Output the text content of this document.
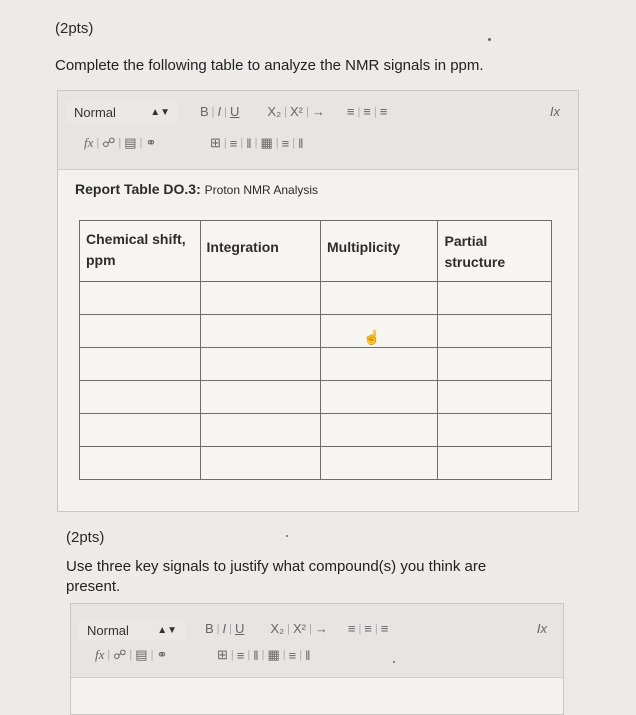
(2pts)
Complete the following table to analyze the NMR signals in ppm.
Normal	▲▼ B | I | U X₂ | X² | → ≡ | ≡ | ≡	Ix
fx | ☍ | ▤ | ⚭	⊞ | ≡ | ‖ | ▦ | ≡ | ‖
Report Table DO.3: Proton NMR Analysis
Chemical shift, ppm	Integration	Multiplicity	Partial structure

☝
(2pts)
Use three key signals to justify what compound(s) you think are present.
Normal	▲▼ B | I | U X₂ | X² | → ≡ | ≡ | ≡	Ix
fx | ☍ | ▤ | ⚭	⊞ | ≡ | ‖ | ▦ | ≡ | ‖
